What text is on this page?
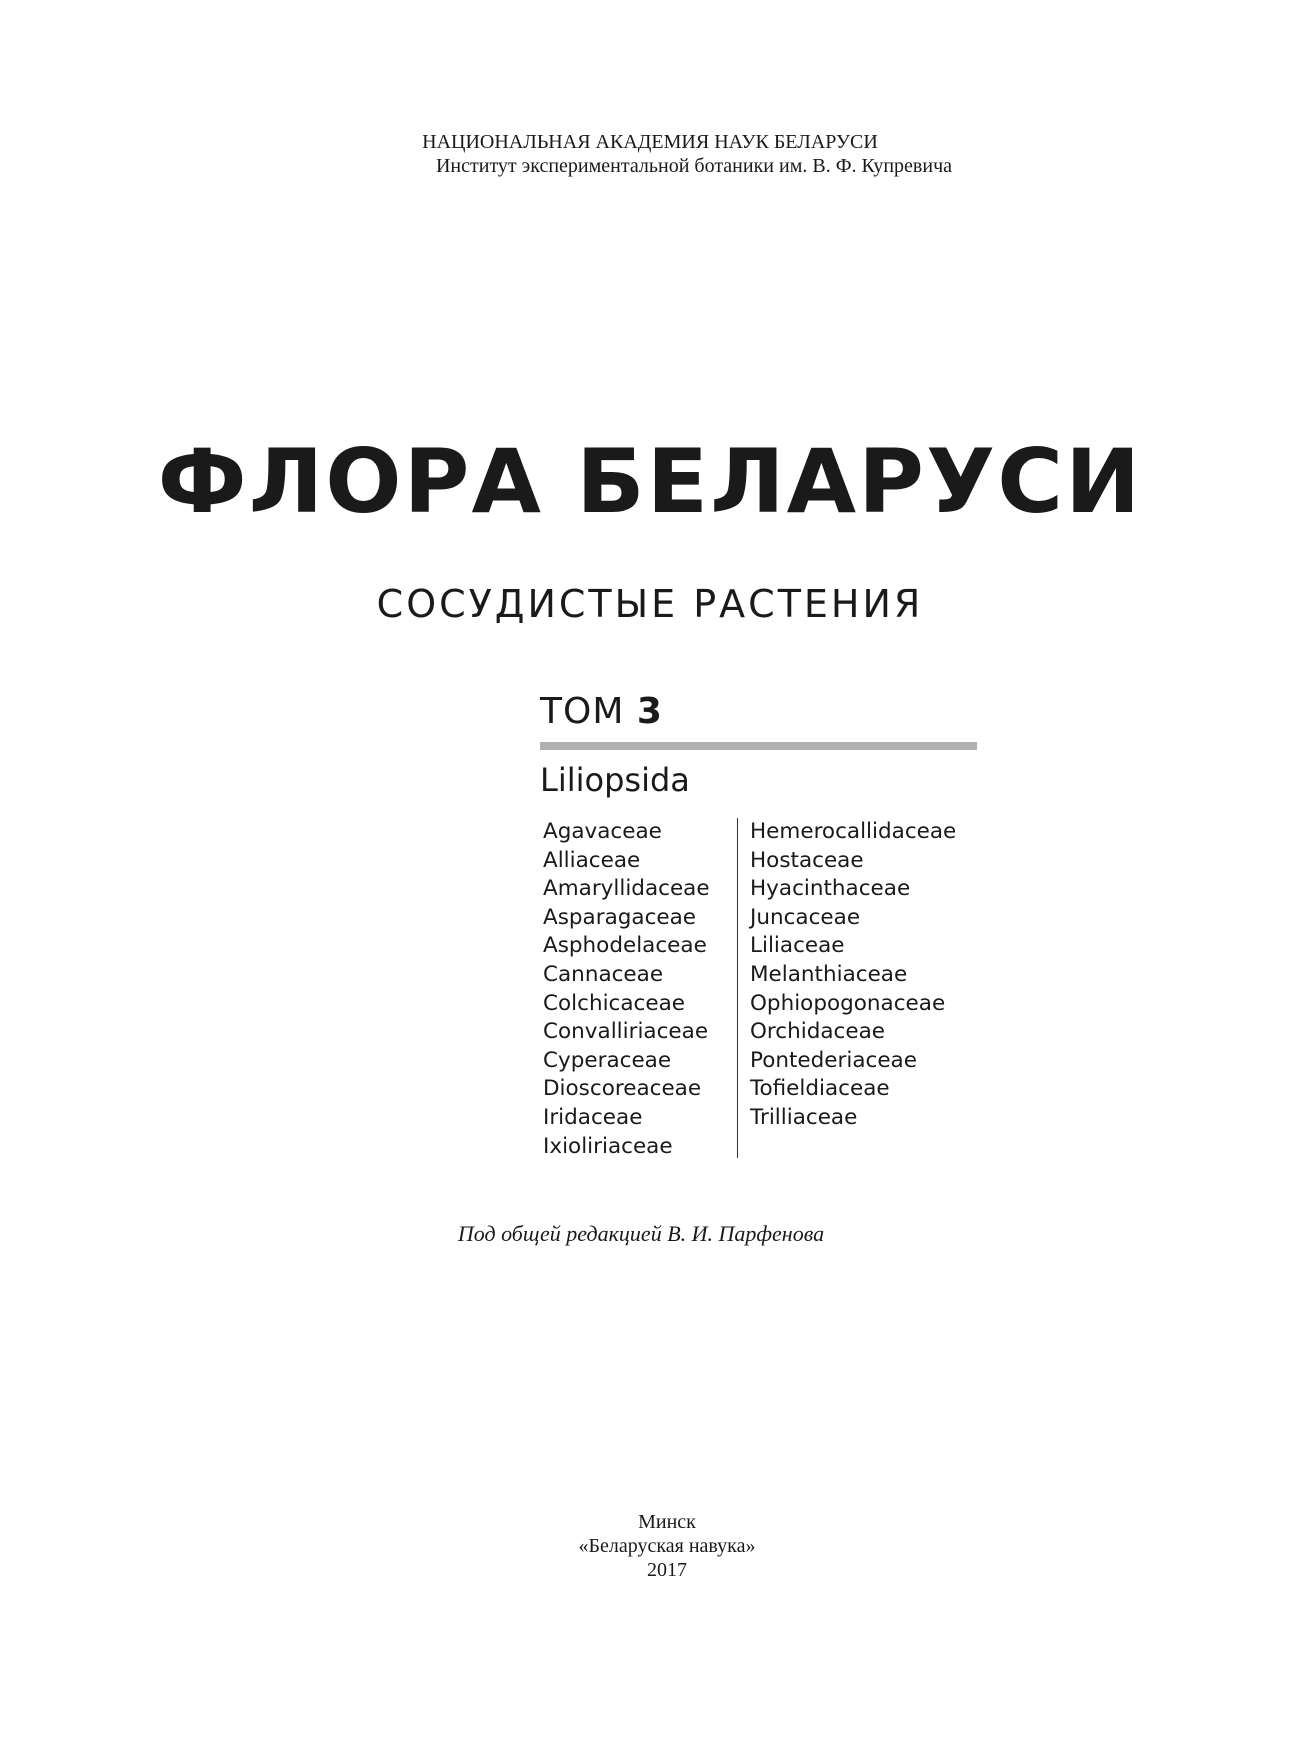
НАЦИОНАЛЬНАЯ АКАДЕМИЯ НАУК БЕЛАРУСИ
Институт экспериментальной ботаники им. В. Ф. Купревича
ФЛОРА БЕЛАРУСИ
СОСУДИСТЫЕ РАСТЕНИЯ
ТОМ 3
Liliopsida
Agavaceae
Alliaceae
Amaryllidaceae
Asparagaceae
Asphodelaceae
Cannaceae
Colchicaceae
Convalliriaceae
Cyperaceae
Dioscoreaceae
Iridaceae
Ixioliriaceae
Hemerocallidaceae
Hostaceae
Hyacinthaceae
Juncaceae
Liliaceae
Melanthiaceae
Ophiopogonaceae
Orchidaceae
Pontederiaceae
Tofieldiaceae
Trilliaceae
Под общей редакцией В. И. Парфенова
Минск
«Беларуская навука»
2017
